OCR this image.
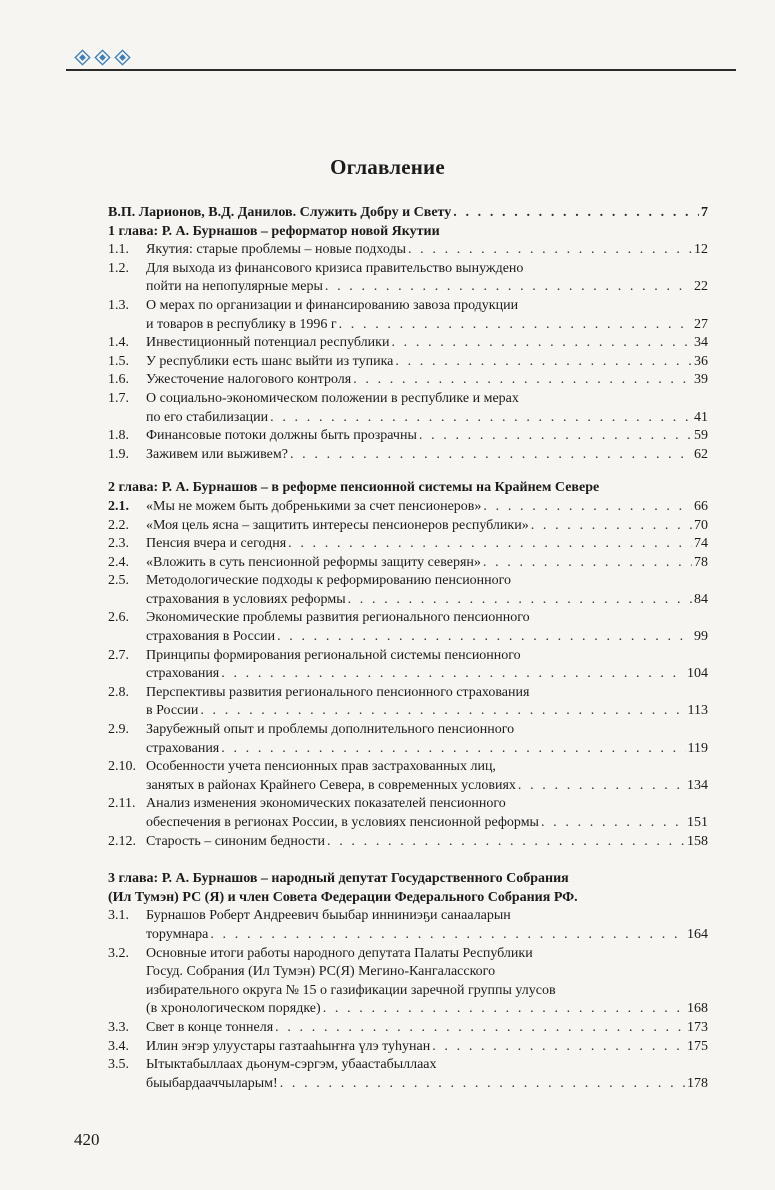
Оглавление
В.П. Ларионов, В.Д. Данилов. Служить Добру и Свету . . .	7
1 глава: Р. А. Бурнашов – реформатор новой Якутии
1.1.	Якутия: старые проблемы – новые подходы . . .	12
1.2.	Для выхода из финансового кризиса правительство вынуждено
пойти на непопулярные меры . . .	22
1.3.	О мерах по организации и финансированию завоза продукции
и товаров в республику в 1996 г . . .	27
1.4.	Инвестиционный потенциал республики . . .	34
1.5.	У республики есть шанс выйти из тупика . . .	36
1.6.	Ужесточение налогового контроля . . .	39
1.7.	О социально-экономическом положении в республике и мерах
по его стабилизации . . .	41
1.8.	Финансовые потоки должны быть прозрачны . . .	59
1.9.	Заживем или выживем? . . .	62
2 глава: Р. А. Бурнашов – в реформе пенсионной системы на Крайнем Севере
2.1.	«Мы не можем быть добренькими за счет пенсионеров» . . .	66
2.2.	«Моя цель ясна – защитить интересы пенсионеров республики» . . .	70
2.3.	Пенсия вчера и сегодня . . .	74
2.4.	«Вложить в суть пенсионной реформы защиту северян» . . .	78
2.5.	Методологические подходы к реформированию пенсионного
страхования в условиях реформы . . .	84
2.6.	Экономические проблемы развития регионального пенсионного
страхования в России . . .	99
2.7.	Принципы формирования региональной системы пенсионного
страхования . . .	104
2.8.	Перспективы развития регионального пенсионного страхования
в России . . .	113
2.9.	Зарубежный опыт и проблемы дополнительного пенсионного
страхования . . .	119
2.10. Особенности учета пенсионных прав застрахованных лиц,
занятых в районах Крайнего Севера, в современных условиях . . .	134
2.11. Анализ изменения экономических показателей пенсионного
обеспечения в регионах России, в условиях пенсионной реформы . . .	151
2.12. Старость – синоним бедности . . .	158
3 глава: Р. А. Бурнашов – народный депутат Государственного Собрания
(Ил Тумэн) РС (Я) и член Совета Федерации Федерального Собрания РФ.
3.1.	Бурнашов Роберт Андреевич быыбар инниниэҕи санааларын
торумнара . . .	164
3.2.	Основные итоги работы народного депутата Палаты Республики
Госуд. Собрания (Ил Тумэн) РС(Я) Мегино-Кангаласского
избирательного округа № 15 о газификации заречной группы улусов
(в хронологическом порядке) . . .	168
3.3.	Свет в конце тоннеля . . .	173
3.4.	Илин эҥэр улуустары газтааһыҥҥа үлэ туһунан . . .	175
3.5.	Ытыктабыллаах дьонум-сэргэм, убаастабыллаах
быыбардааччыларым! . . .	178
420
